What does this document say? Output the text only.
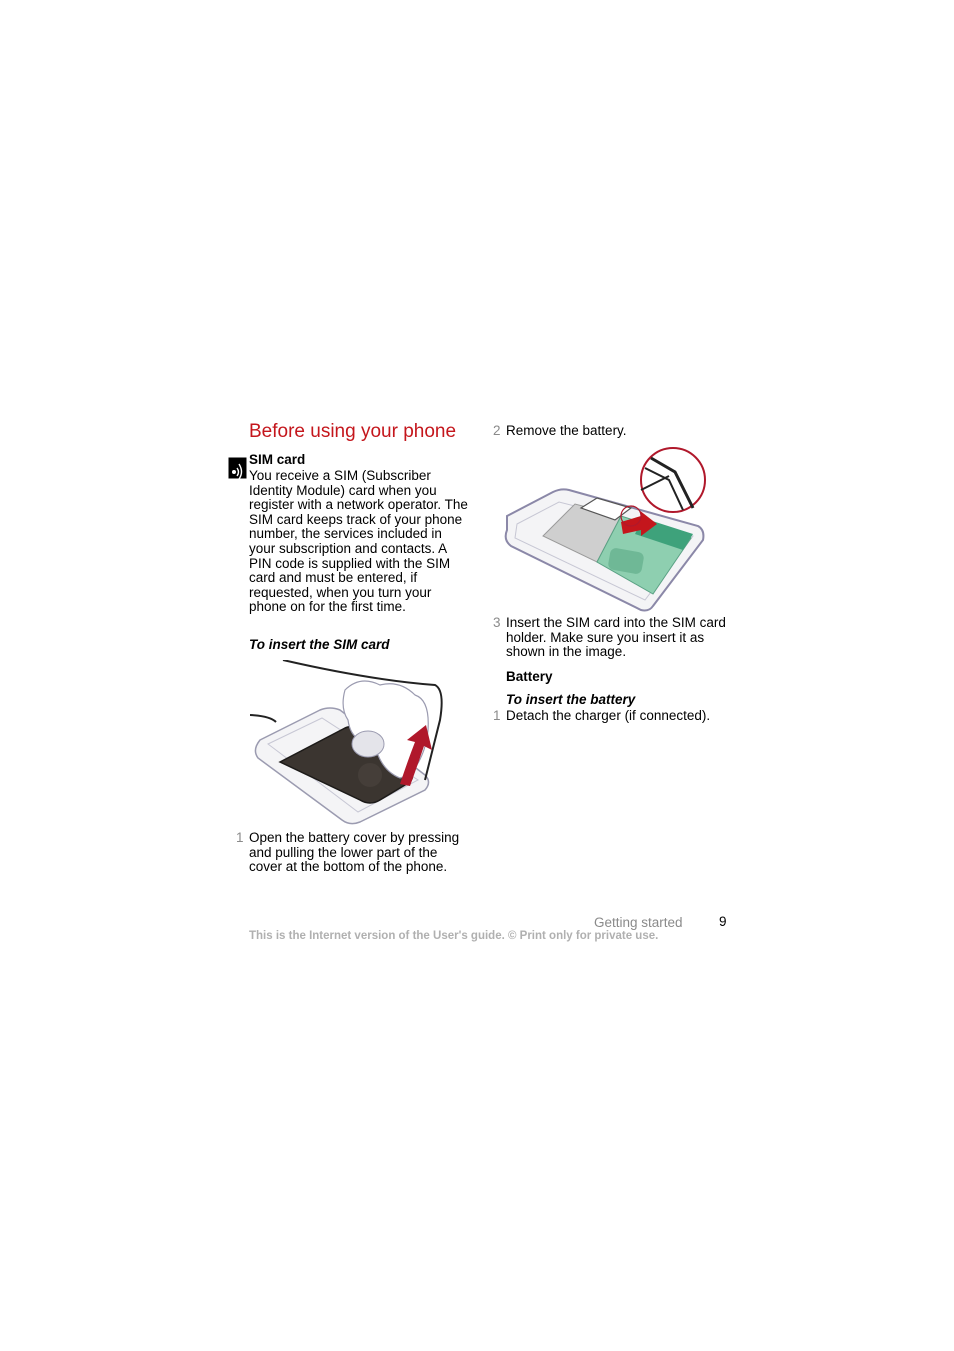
Before using your phone
SIM card
You receive a SIM (Subscriber Identity Module) card when you register with a network operator. The SIM card keeps track of your phone number, the services included in your subscription and contacts. A PIN code is supplied with the SIM card and must be entered, if requested, when you turn your phone on for the first time.
To insert the SIM card
1 Open the battery cover by pressing and pulling the lower part of the cover at the bottom of the phone.
2 Remove the battery.
3 Insert the SIM card into the SIM card holder. Make sure you insert it as shown in the image.
Battery
To insert the battery
1 Detach the charger (if connected).
Getting started	9
This is the Internet version of the User's guide. © Print only for private use.
